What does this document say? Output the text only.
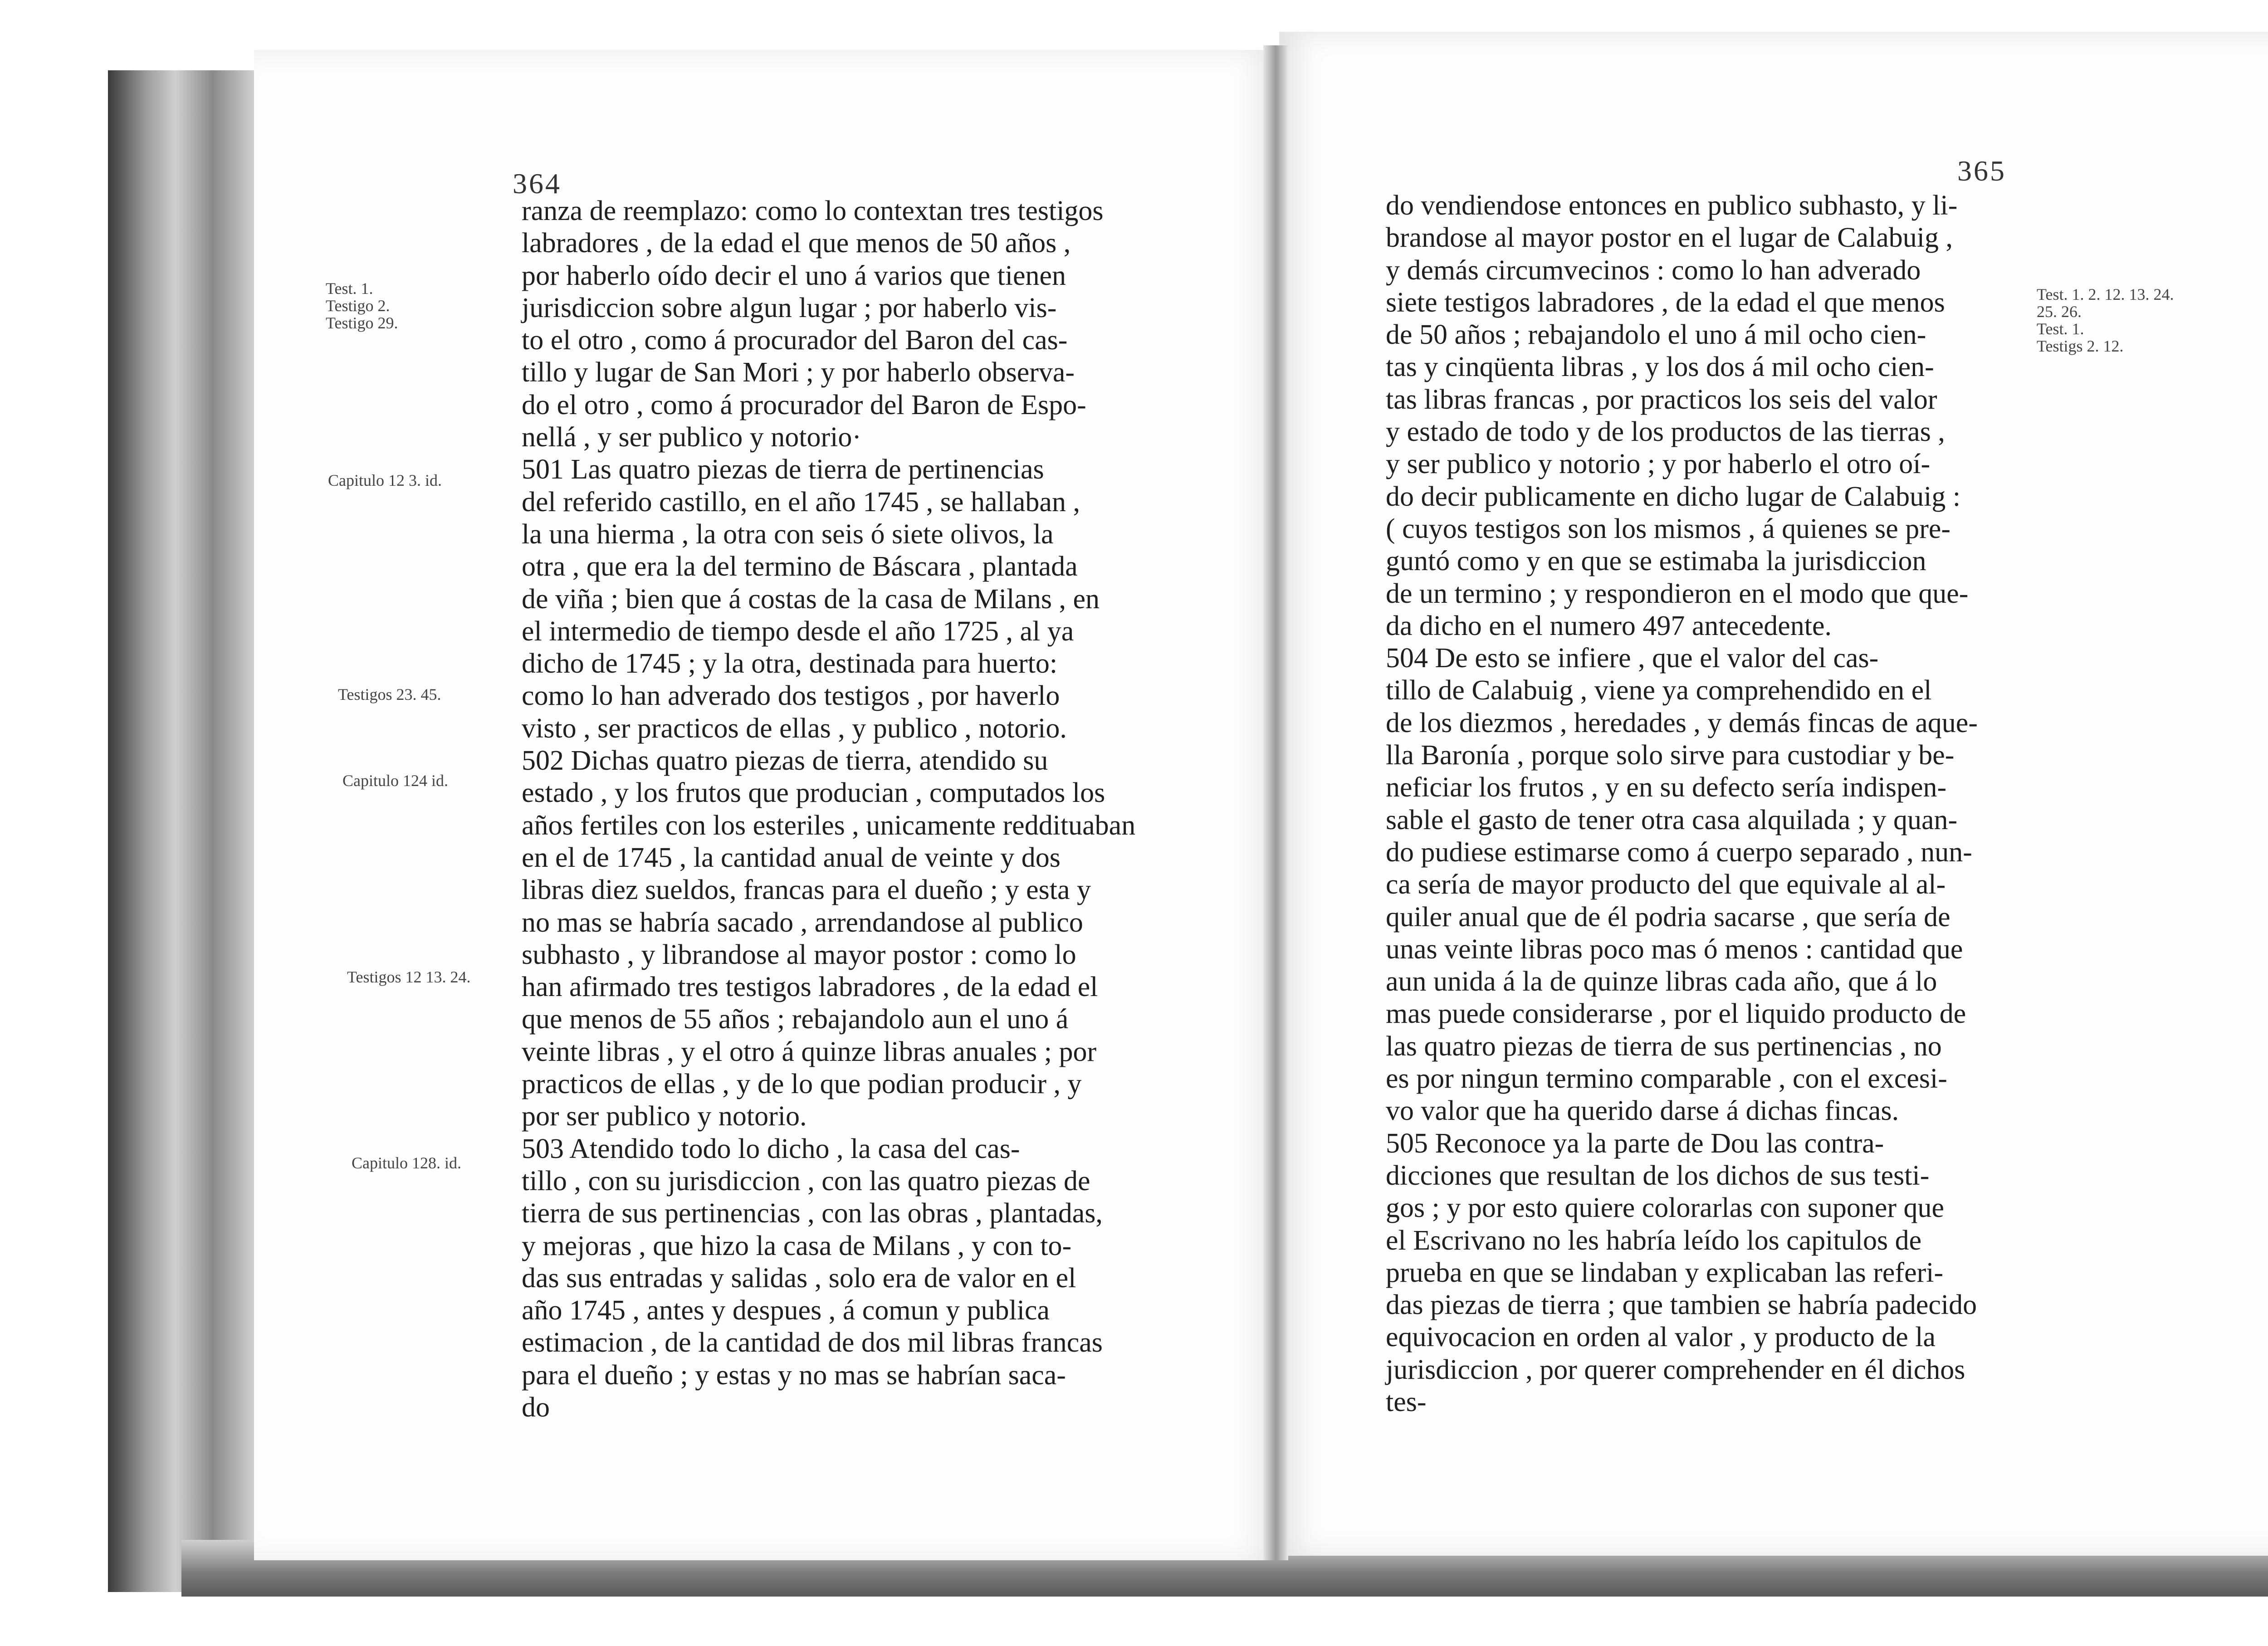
364
ranza de reemplazo: como lo contextan tres testigos
labradores , de la edad el que menos de 50 años ,
por haberlo oído decir el uno á varios que tienen
jurisdiccion sobre algun lugar ; por haberlo vis-
to el otro , como á procurador del Baron del cas-
tillo y lugar de San Mori ; y por haberlo observa-
do el otro , como á procurador del Baron de Espo-
nellá , y ser publico y notorio·
501 Las quatro piezas de tierra de pertinencias
del referido castillo, en el año 1745 , se hallaban ,
la una hierma , la otra con seis ó siete olivos, la
otra , que era la del termino de Báscara , plantada
de viña ; bien que á costas de la casa de Milans , en
el intermedio de tiempo desde el año 1725 , al ya
dicho de 1745 ; y la otra, destinada para huerto:
como lo han adverado dos testigos , por haverlo
visto , ser practicos de ellas , y publico , notorio.
502 Dichas quatro piezas de tierra, atendido su
estado , y los frutos que producian , computados los
años fertiles con los esteriles , unicamente reddituaban
en el de 1745 , la cantidad anual de veinte y dos
libras diez sueldos, francas para el dueño ; y esta y
no mas se habría sacado , arrendandose al publico
subhasto , y librandose al mayor postor : como lo
han afirmado tres testigos labradores , de la edad el
que menos de 55 años ; rebajandolo aun el uno á
veinte libras , y el otro á quinze libras anuales ; por
practicos de ellas , y de lo que podian producir , y
por ser publico y notorio.
503 Atendido todo lo dicho , la casa del cas-
tillo , con su jurisdiccion , con las quatro piezas de
tierra de sus pertinencias , con las obras , plantadas,
y mejoras , que hizo la casa de Milans , y con to-
das sus entradas y salidas , solo era de valor en el
año 1745 , antes y despues , á comun y publica
estimacion , de la cantidad de dos mil libras francas
para el dueño ; y estas y no mas se habrían saca-
do
Test. 1.
Testigo 2.
Testigo 29.
Capitulo 12 3. id.
Testigos 23. 45.
Capitulo 124 id.
Testigos 12 13. 24.
Capitulo 128. id.
365
do vendiendose entonces en publico subhasto, y li-
brandose al mayor postor en el lugar de Calabuig ,
y demás circumvecinos : como lo han adverado
siete testigos labradores , de la edad el que menos
de 50 años ; rebajandolo el uno á mil ocho cien-
tas y cinqüenta libras , y los dos á mil ocho cien-
tas libras francas , por practicos los seis del valor
y estado de todo y de los productos de las tierras ,
y ser publico y notorio ; y por haberlo el otro oí-
do decir publicamente en dicho lugar de Calabuig :
( cuyos testigos son los mismos , á quienes se pre-
guntó como y en que se estimaba la jurisdiccion
de un termino ; y respondieron en el modo que que-
da dicho en el numero 497 antecedente.
504 De esto se infiere , que el valor del cas-
tillo de Calabuig , viene ya comprehendido en el
de los diezmos , heredades , y demás fincas de aque-
lla Baronía , porque solo sirve para custodiar y be-
neficiar los frutos , y en su defecto sería indispen-
sable el gasto de tener otra casa alquilada ; y quan-
do pudiese estimarse como á cuerpo separado , nun-
ca sería de mayor producto del que equivale al al-
quiler anual que de él podria sacarse , que sería de
unas veinte libras poco mas ó menos : cantidad que
aun unida á la de quinze libras cada año, que á lo
mas puede considerarse , por el liquido producto de
las quatro piezas de tierra de sus pertinencias , no
es por ningun termino comparable , con el excesi-
vo valor que ha querido darse á dichas fincas.
505 Reconoce ya la parte de Dou las contra-
dicciones que resultan de los dichos de sus testi-
gos ; y por esto quiere colorarlas con suponer que
el Escrivano no les habría leído los capitulos de
prueba en que se lindaban y explicaban las referi-
das piezas de tierra ; que tambien se habría padecido
equivocacion en orden al valor , y producto de la
jurisdiccion , por querer comprehender en él dichos
tes-
Test. 1. 2. 12. 13. 24.
25. 26.
Test. 1.
Testigs 2. 12.
